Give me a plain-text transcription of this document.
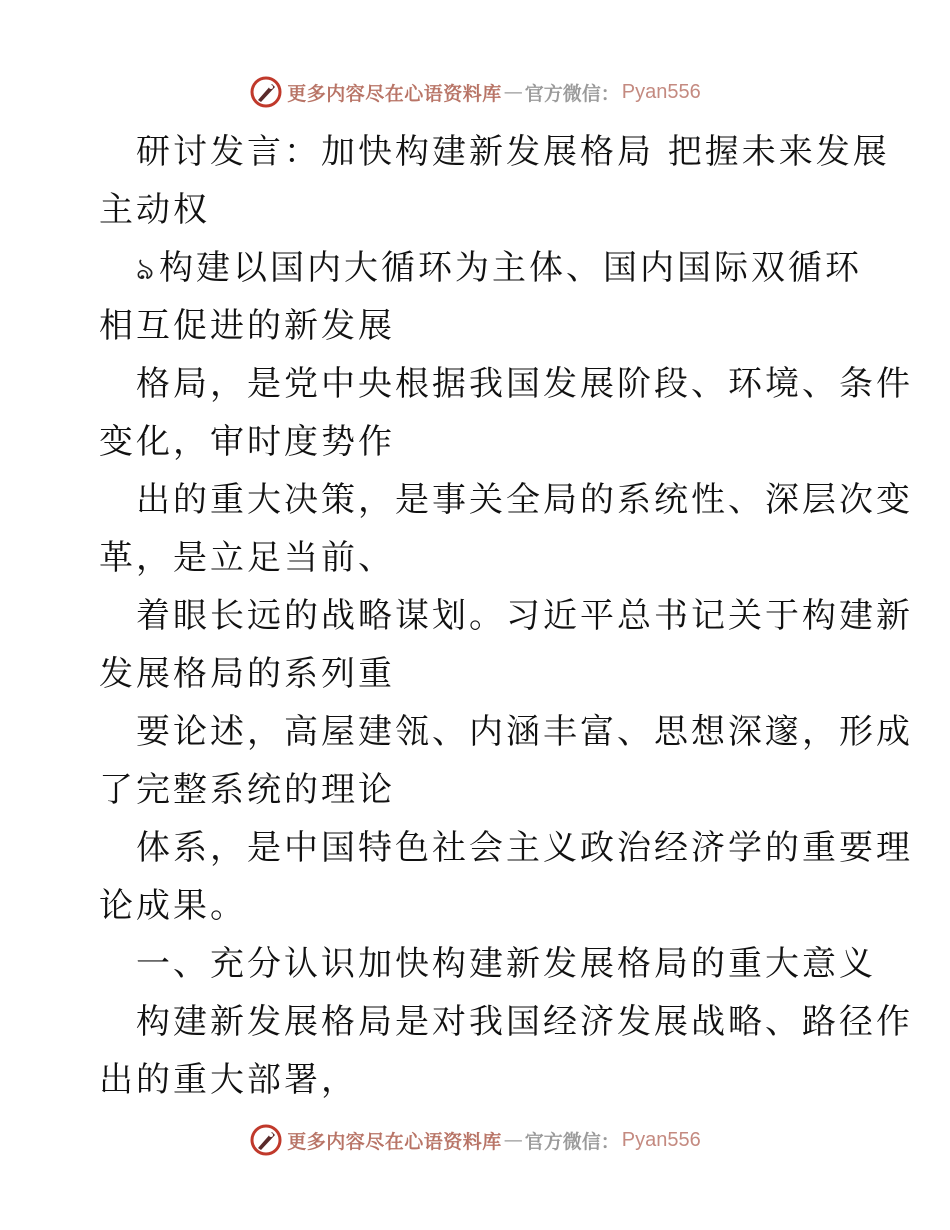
更多内容尽在心语资料库 — 官方微信： Pyan556
研讨发言：加快构建新发展格局 把握未来发展
主动权
ঌ构建以国内大循环为主体、国内国际双循环
相互促进的新发展
格局，是党中央根据我国发展阶段、环境、条件
变化，审时度势作
出的重大决策，是事关全局的系统性、深层次变
革，是立足当前、
着眼长远的战略谋划。习近平总书记关于构建新
发展格局的系列重
要论述，高屋建瓴、内涵丰富、思想深邃，形成
了完整系统的理论
体系，是中国特色社会主义政治经济学的重要理
论成果。
一、充分认识加快构建新发展格局的重大意义
构建新发展格局是对我国经济发展战略、路径作
出的重大部署，
更多内容尽在心语资料库 — 官方微信： Pyan556
